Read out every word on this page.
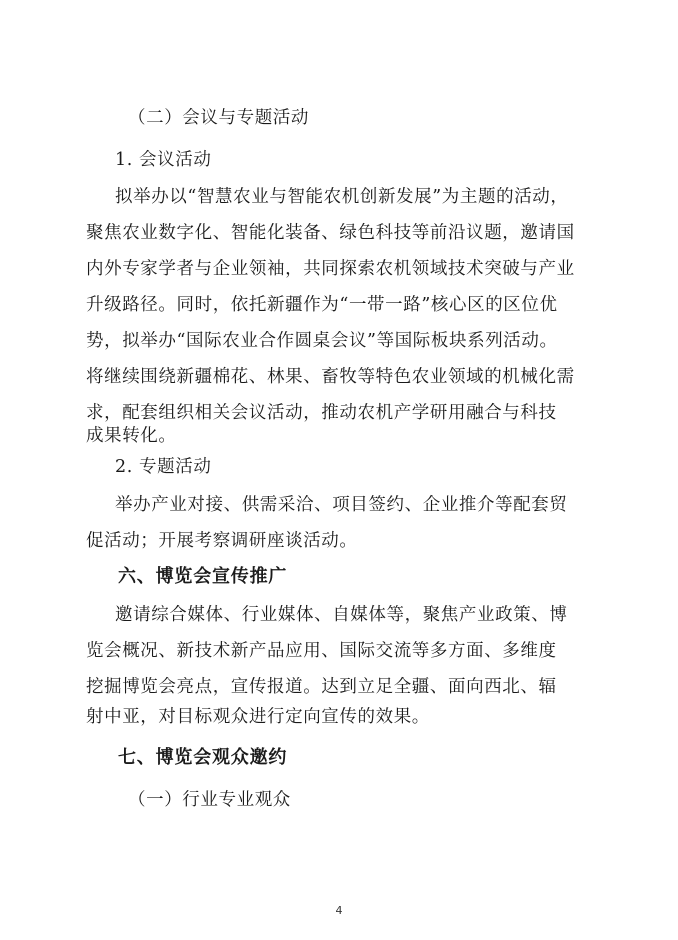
（二）会议与专题活动
1. 会议活动
拟举办以“智慧农业与智能农机创新发展”为主题的活动，
聚焦农业数字化、智能化装备、绿色科技等前沿议题，邀请国
内外专家学者与企业领袖，共同探索农机领域技术突破与产业
升级路径。同时，依托新疆作为“一带一路”核心区的区位优
势，拟举办“国际农业合作圆桌会议”等国际板块系列活动。
将继续围绕新疆棉花、林果、畜牧等特色农业领域的机械化需
求，配套组织相关会议活动，推动农机产学研用融合与科技
成果转化。
2. 专题活动
举办产业对接、供需采洽、项目签约、企业推介等配套贸
促活动；开展考察调研座谈活动。
六、博览会宣传推广
邀请综合媒体、行业媒体、自媒体等，聚焦产业政策、博
览会概况、新技术新产品应用、国际交流等多方面、多维度
挖掘博览会亮点，宣传报道。达到立足全疆、面向西北、辐
射中亚，对目标观众进行定向宣传的效果。
七、博览会观众邀约
（一）行业专业观众
4
